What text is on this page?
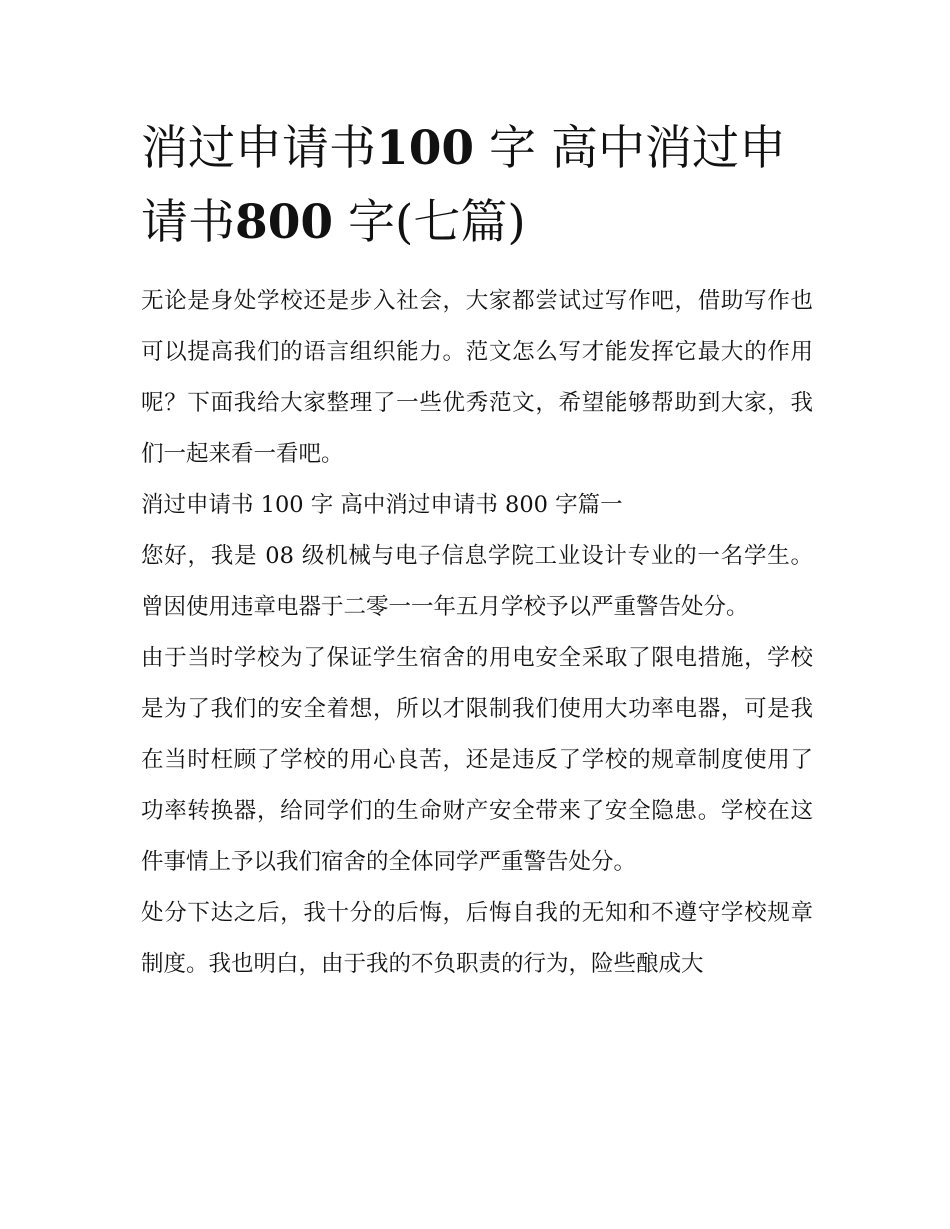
消过申请书100 字 高中消过申请书800 字(七篇)

无论是身处学校还是步入社会，大家都尝试过写作吧，借助写作也可以提高我们的语言组织能力。范文怎么写才能发挥它最大的作用呢？下面我给大家整理了一些优秀范文，希望能够帮助到大家，我们一起来看一看吧。

消过申请书 100 字 高中消过申请书 800 字篇一

您好，我是 08 级机械与电子信息学院工业设计专业的一名学生。曾因使用违章电器于二零一一年五月学校予以严重警告处分。

由于当时学校为了保证学生宿舍的用电安全采取了限电措施，学校是为了我们的安全着想，所以才限制我们使用大功率电器，可是我在当时枉顾了学校的用心良苦，还是违反了学校的规章制度使用了功率转换器，给同学们的生命财产安全带来了安全隐患。学校在这件事情上予以我们宿舍的全体同学严重警告处分。

处分下达之后，我十分的后悔，后悔自我的无知和不遵守学校规章制度。我也明白，由于我的不负职责的行为，险些酿成大
